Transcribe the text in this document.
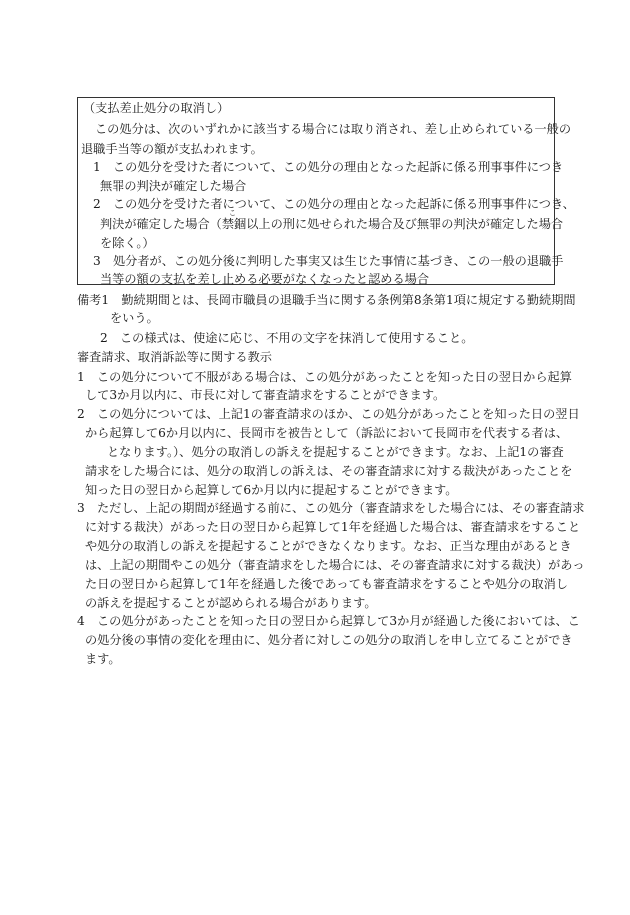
（支払差止処分の取消し）
この処分は、次のいずれかに該当する場合には取り消され、差し止められている一般の
退職手当等の額が支払われます。
1　この処分を受けた者について、この処分の理由となった起訴に係る刑事事件につき
無罪の判決が確定した場合
2　この処分を受けた者について、この処分の理由となった起訴に係る刑事事件につき、
こ
判決が確定した場合（禁錮以上の刑に処せられた場合及び無罪の判決が確定した場合
を除く。）
3　処分者が、この処分後に判明した事実又は生じた事情に基づき、この一般の退職手
当等の額の支払を差し止める必要がなくなったと認める場合
備考1　勤続期間とは、長岡市職員の退職手当に関する条例第8条第1項に規定する勤続期間
をいう。
2　この様式は、使途に応じ、不用の文字を抹消して使用すること。
審査請求、取消訴訟等に関する教示
1　この処分について不服がある場合は、この処分があったことを知った日の翌日から起算
して3か月以内に、市長に対して審査請求をすることができます。
2　この処分については、上記1の審査請求のほか、この処分があったことを知った日の翌日
から起算して6か月以内に、長岡市を被告として（訴訟において長岡市を代表する者は、
となります。）、処分の取消しの訴えを提起することができます。なお、上記1の審査
請求をした場合には、処分の取消しの訴えは、その審査請求に対する裁決があったことを
知った日の翌日から起算して6か月以内に提起することができます。
3　ただし、上記の期間が経過する前に、この処分（審査請求をした場合には、その審査請求
に対する裁決）があった日の翌日から起算して1年を経過した場合は、審査請求をすること
や処分の取消しの訴えを提起することができなくなります。なお、正当な理由があるとき
は、上記の期間やこの処分（審査請求をした場合には、その審査請求に対する裁決）があっ
た日の翌日から起算して1年を経過した後であっても審査請求をすることや処分の取消し
の訴えを提起することが認められる場合があります。
4　この処分があったことを知った日の翌日から起算して3か月が経過した後においては、こ
の処分後の事情の変化を理由に、処分者に対しこの処分の取消しを申し立てることができ
ます。
